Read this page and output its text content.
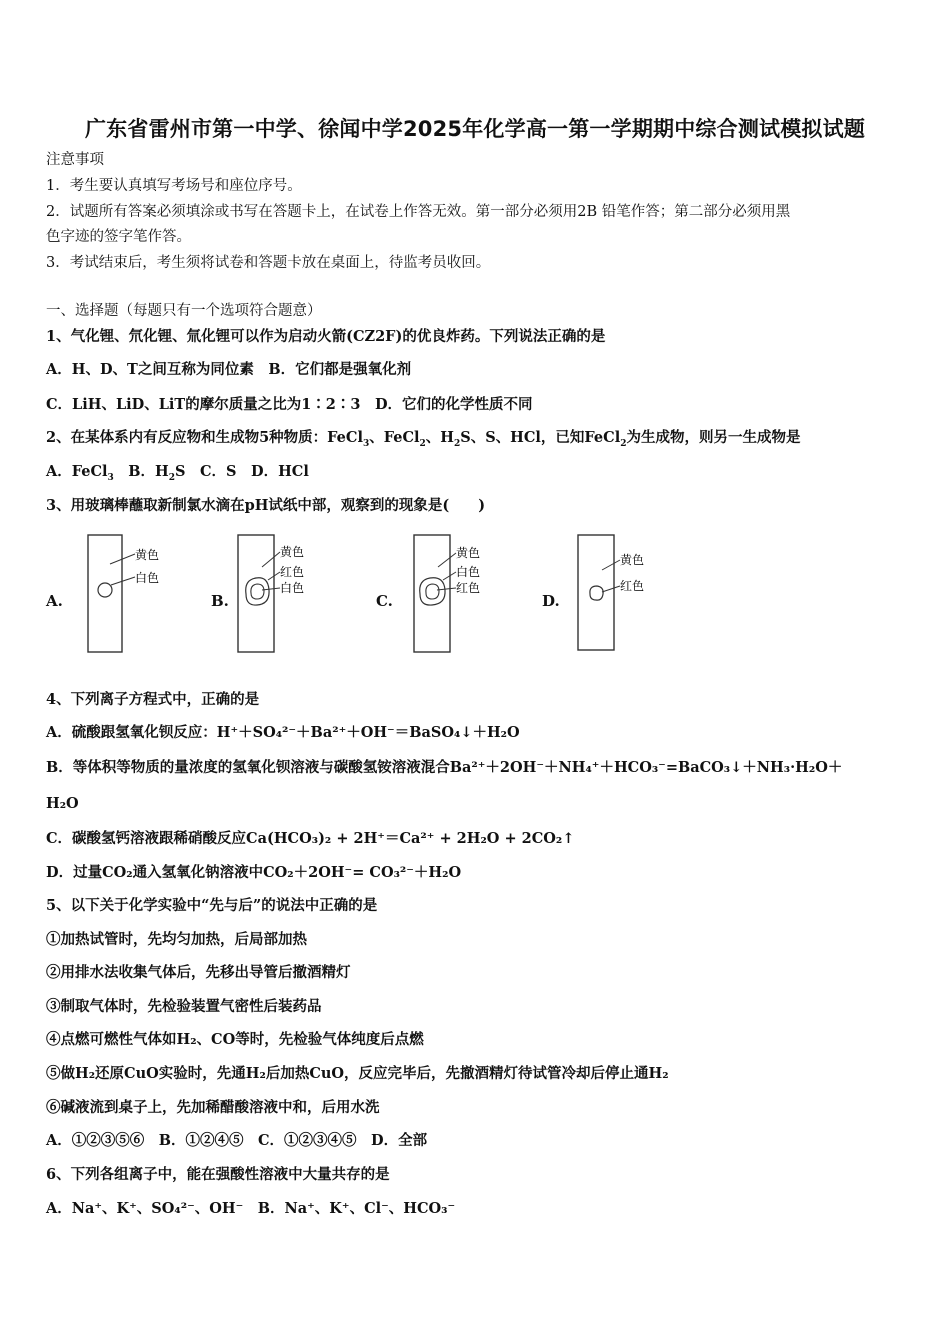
广东省雷州市第一中学、徐闻中学2025年化学高一第一学期期中综合测试模拟试题
注意事项
1．考生要认真填写考场号和座位序号。
2．试题所有答案必须填涂或书写在答题卡上，在试卷上作答无效。第一部分必须用2B 铅笔作答；第二部分必须用黑
色字迹的签字笔作答。
3．考试结束后，考生须将试卷和答题卡放在桌面上，待监考员收回。
一、选择题（每题只有一个选项符合题意）
1、气化锂、氘化锂、氚化锂可以作为启动火箭(CZ2F)的优良炸药。下列说法正确的是
A．H、D、T之间互称为同位素　B．它们都是强氧化剂
C．LiH、LiD、LiT的摩尔质量之比为1∶2∶3　D．它们的化学性质不同
2、在某体系内有反应物和生成物5种物质：FeCl$_3$、FeCl$_2$、$H_2S$、S、HCl，已知FeCl$_2$为生成物，则另一生成物是
A．FeCl$_3$　B．$H_2S$　C．S　D．HCl
3、用玻璃棒蘸取新制氯水滴在pH试纸中部，观察到的现象是(　　)
A.
黄色
白色
B.
黄色
红色
白色
C.
黄色
白色
红色
D.
黄色
红色
4、下列离子方程式中，正确的是
A．硫酸跟氢氧化钡反应：H⁺＋SO₄²⁻＋Ba²⁺＋OH⁻＝BaSO₄↓＋H₂O
B．等体积等物质的量浓度的氢氧化钡溶液与碳酸氢铵溶液混合Ba²⁺＋2OH⁻＋NH₄⁺＋HCO₃⁻=BaCO₃↓＋NH₃·H₂O＋
H₂O
C．碳酸氢钙溶液跟稀硝酸反应Ca(HCO₃)₂ + 2H⁺＝Ca²⁺ + 2H₂O + 2CO₂↑
D．过量CO₂通入氢氧化钠溶液中CO₂＋2OH⁻= CO₃²⁻＋H₂O
5、以下关于化学实验中“先与后”的说法中正确的是
①加热试管时，先均匀加热，后局部加热
②用排水法收集气体后，先移出导管后撤酒精灯
③制取气体时，先检验装置气密性后装药品
④点燃可燃性气体如H₂、CO等时，先检验气体纯度后点燃
⑤做H₂还原CuO实验时，先通H₂后加热CuO，反应完毕后，先撤酒精灯待试管冷却后停止通H₂
⑥碱液流到桌子上，先加稀醋酸溶液中和，后用水洗
A．①②③⑤⑥　B．①②④⑤　C．①②③④⑤　D．全部
6、下列各组离子中，能在强酸性溶液中大量共存的是
A．Na⁺、K⁺、SO₄²⁻、OH⁻　B．Na⁺、K⁺、Cl⁻、HCO₃⁻
